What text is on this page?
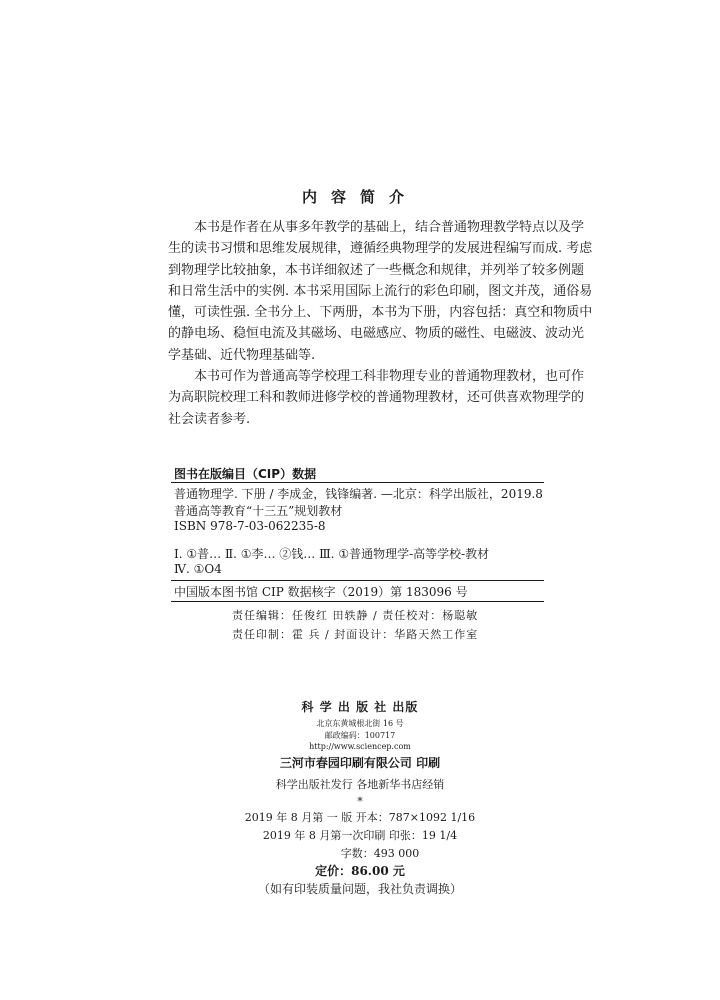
内容简介
本书是作者在从事多年教学的基础上，结合普通物理教学特点以及学
生的读书习惯和思维发展规律，遵循经典物理学的发展进程编写而成. 考虑
到物理学比较抽象，本书详细叙述了一些概念和规律，并列举了较多例题
和日常生活中的实例. 本书采用国际上流行的彩色印刷，图文并茂，通俗易
懂，可读性强. 全书分上、下两册，本书为下册，内容包括：真空和物质中
的静电场、稳恒电流及其磁场、电磁感应、物质的磁性、电磁波、波动光
学基础、近代物理基础等.
本书可作为普通高等学校理工科非物理专业的普通物理教材，也可作
为高职院校理工科和教师进修学校的普通物理教材，还可供喜欢物理学的
社会读者参考.
图书在版编目（CIP）数据
普通物理学. 下册 / 李成金，钱锋编著. —北京：科学出版社，2019.8
普通高等教育“十三五”规划教材
ISBN 978-7-03-062235-8
Ⅰ. ①普… Ⅱ. ①李… ②钱… Ⅲ. ①普通物理学-高等学校-教材
Ⅳ. ①O4
中国版本图书馆 CIP 数据核字（2019）第 183096 号
责任编辑：任俊红 田轶静 / 责任校对：杨聪敏
责任印制：霍 兵 / 封面设计：华路天然工作室
科 学 出 版 社 出版
北京东黄城根北街 16 号
邮政编码：100717
http://www.sciencep.com
三河市春园印刷有限公司 印刷
科学出版社发行 各地新华书店经销
*
2019 年 8 月第 一 版 开本：787×1092 1/16
2019 年 8 月第一次印刷 印张：19 1/4
字数：493 000
定价：86.00 元
（如有印装质量问题，我社负责调换）
